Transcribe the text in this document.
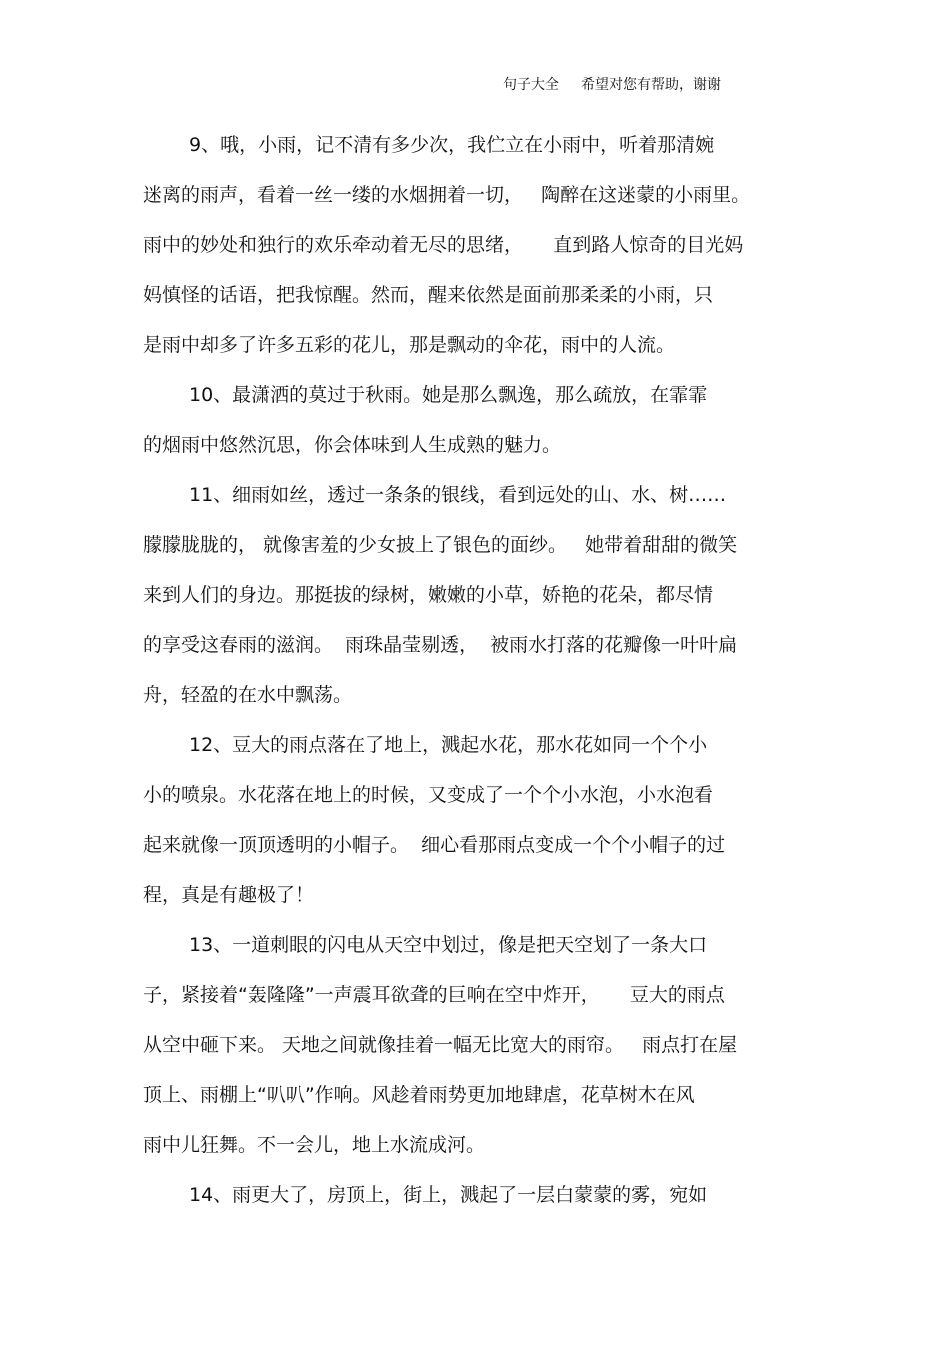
句子大全 希望对您有帮助，谢谢
9、哦，小雨，记不清有多少次，我伫立在小雨中，听着那清婉
迷离的雨声，看着一丝一缕的水烟拥着一切，   陶醉在这迷蒙的小雨里。
雨中的妙处和独行的欢乐牵动着无尽的思绪，     直到路人惊奇的目光妈
妈慎怪的话语，把我惊醒。然而，醒来依然是面前那柔柔的小雨，只
是雨中却多了许多五彩的花儿，那是飘动的伞花，雨中的人流。
10、最潇洒的莫过于秋雨。她是那么飘逸，那么疏放，在霏霏
的烟雨中悠然沉思，你会体味到人生成熟的魅力。
11、细雨如丝，透过一条条的银线，看到远处的山、水、树……
朦朦胧胧的， 就像害羞的少女披上了银色的面纱。   她带着甜甜的微笑
来到人们的身边。那挺拔的绿树，嫩嫩的小草，娇艳的花朵，都尽情
的享受这春雨的滋润。  雨珠晶莹剔透，  被雨水打落的花瓣像一叶叶扁
舟，轻盈的在水中飘荡。
12、豆大的雨点落在了地上，溅起水花，那水花如同一个个小
小的喷泉。水花落在地上的时候，又变成了一个个小水泡，小水泡看
起来就像一顶顶透明的小帽子。  细心看那雨点变成一个个小帽子的过
程，真是有趣极了！
13、一道刺眼的闪电从天空中划过，像是把天空划了一条大口
子，紧接着“轰隆隆”一声震耳欲聋的巨响在空中炸开，     豆大的雨点
从空中砸下来。 天地之间就像挂着一幅无比宽大的雨帘。   雨点打在屋
顶上、雨棚上“叭叭”作响。风趁着雨势更加地肆虐，花草树木在风
雨中儿狂舞。不一会儿，地上水流成河。
14、雨更大了，房顶上，街上，溅起了一层白蒙蒙的雾，宛如
